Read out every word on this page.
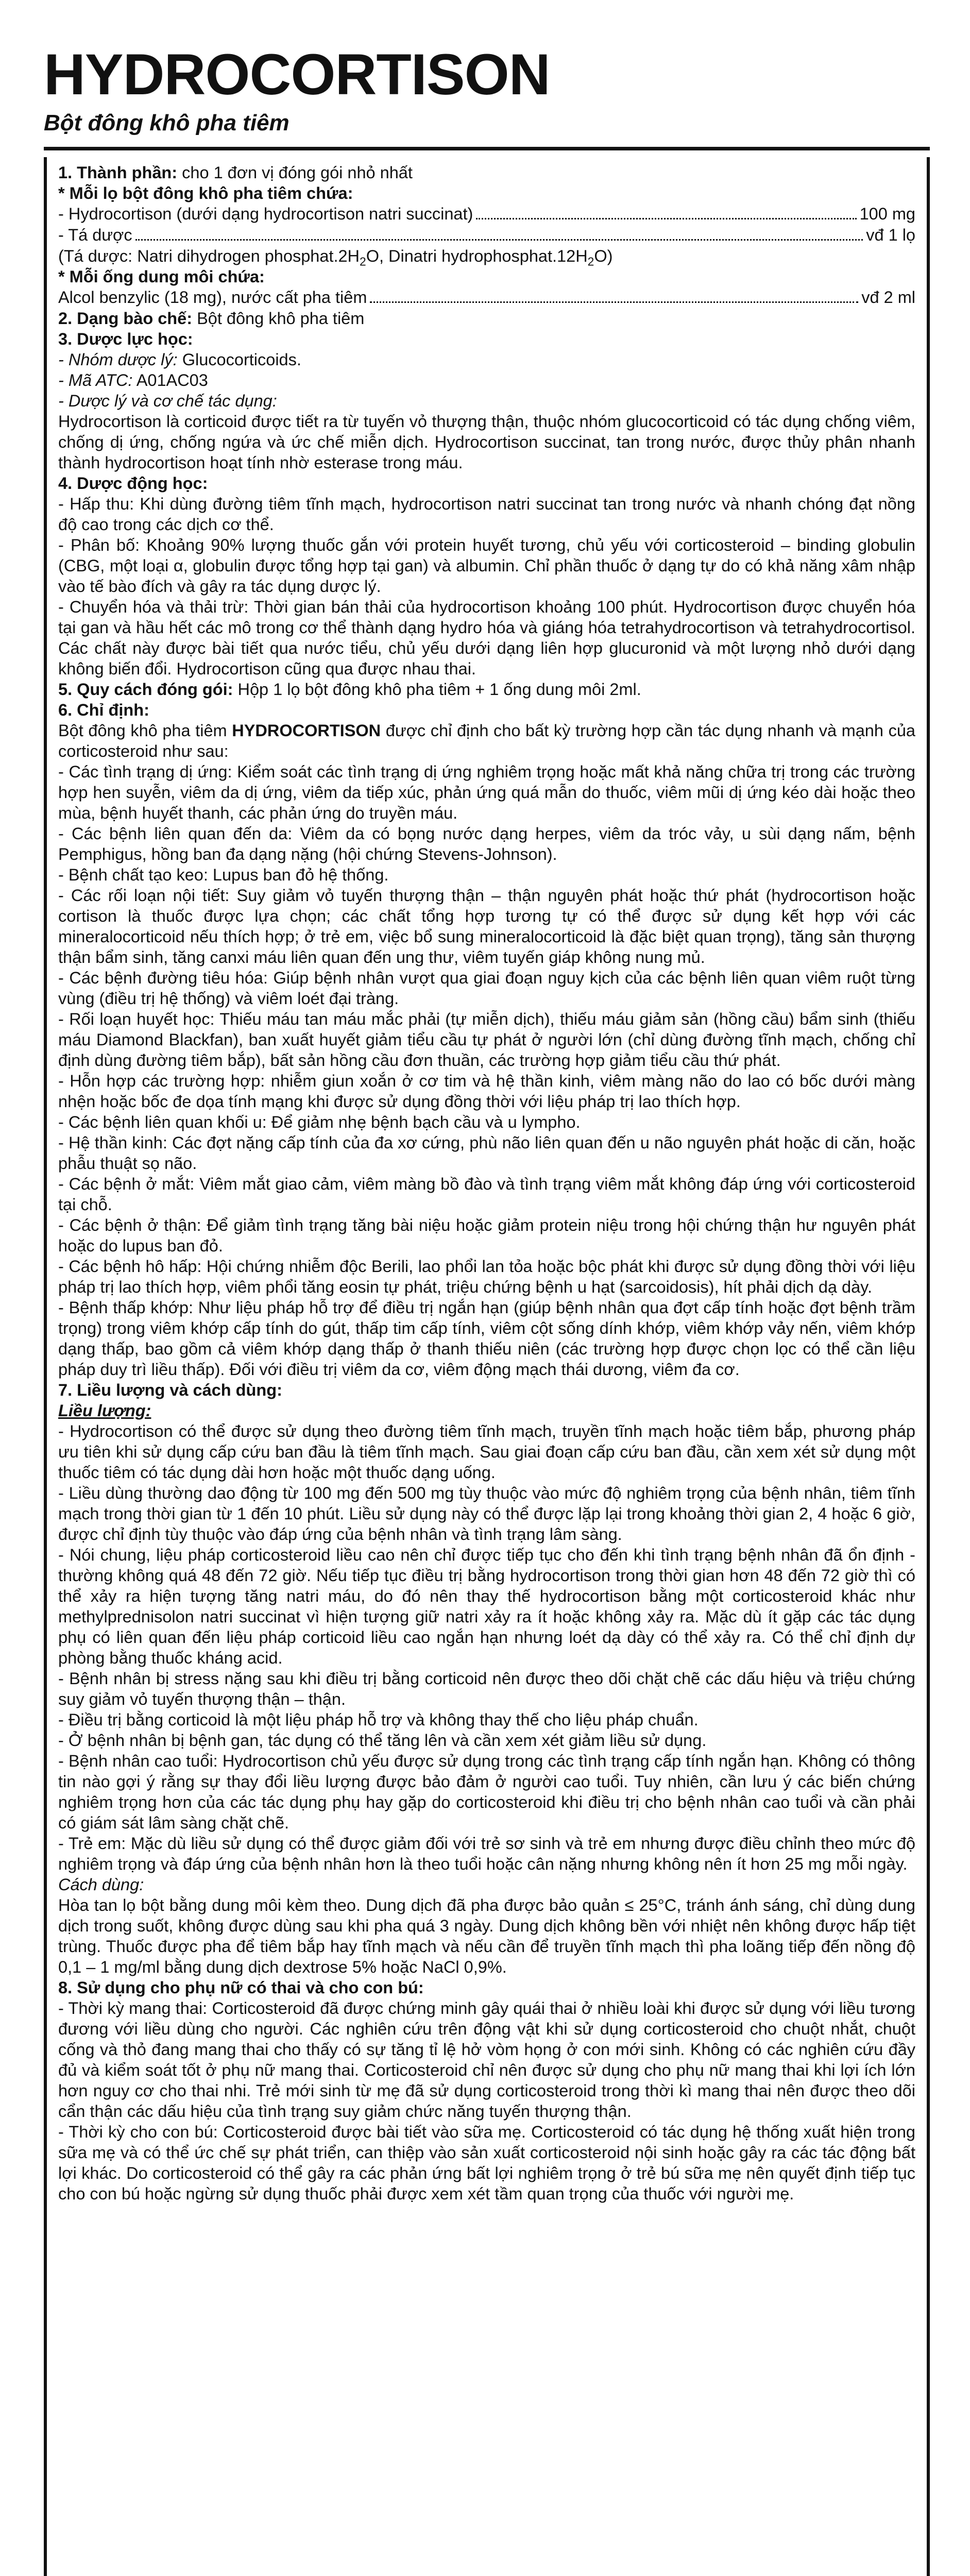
HYDROCORTISON
Bột đông khô pha tiêm

1. Thành phần: cho 1 đơn vị đóng gói nhỏ nhất

* Mỗi lọ bột đông khô pha tiêm chứa:

- Hydrocortison (dưới dạng hydrocortison natri succinat)	100 mg
- Tá dược	vđ 1 lọ

(Tá dược: Natri dihydrogen $phosphat.2H_2O$, Dinatri $hydrophosphat.12H_2O$)

* Mỗi ống dung môi chứa:

Alcol benzylic (18 mg), nước cất pha tiêm	vđ 2 ml

2. Dạng bào chế: Bột đông khô pha tiêm

3. Dược lực học:

- Nhóm dược lý: Glucocorticoids.

- Mã ATC: A01AC03

- Dược lý và cơ chế tác dụng:

Hydrocortison là corticoid được tiết ra từ tuyến vỏ thượng thận, thuộc nhóm glucocorticoid có tác dụng chống viêm, chống dị ứng, chống ngứa và ức chế miễn dịch. Hydrocortison succinat, tan trong nước, được thủy phân nhanh thành hydrocortison hoạt tính nhờ esterase trong máu.

4. Dược động học:

- Hấp thu: Khi dùng đường tiêm tĩnh mạch, hydrocortison natri succinat tan trong nước và nhanh chóng đạt nồng độ cao trong các dịch cơ thể.

- Phân bố: Khoảng 90% lượng thuốc gắn với protein huyết tương, chủ yếu với corticosteroid – binding globulin (CBG, một loại α, globulin được tổng hợp tại gan) và albumin. Chỉ phần thuốc ở dạng tự do có khả năng xâm nhập vào tế bào đích và gây ra tác dụng dược lý.

- Chuyển hóa và thải trừ: Thời gian bán thải của hydrocortison khoảng 100 phút. Hydrocortison được chuyển hóa tại gan và hầu hết các mô trong cơ thể thành dạng hydro hóa và giáng hóa tetrahydrocortison và tetrahydrocortisol. Các chất này được bài tiết qua nước tiểu, chủ yếu dưới dạng liên hợp glucuronid và một lượng nhỏ dưới dạng không biến đổi. Hydrocortison cũng qua được nhau thai.

5. Quy cách đóng gói: Hộp 1 lọ bột đông khô pha tiêm + 1 ống dung môi 2ml.

6. Chỉ định:

Bột đông khô pha tiêm HYDROCORTISON được chỉ định cho bất kỳ trường hợp cần tác dụng nhanh và mạnh của corticosteroid như sau:

- Các tình trạng dị ứng: Kiểm soát các tình trạng dị ứng nghiêm trọng hoặc mất khả năng chữa trị trong các trường hợp hen suyễn, viêm da dị ứng, viêm da tiếp xúc, phản ứng quá mẫn do thuốc, viêm mũi dị ứng kéo dài hoặc theo mùa, bệnh huyết thanh, các phản ứng do truyền máu.

- Các bệnh liên quan đến da: Viêm da có bọng nước dạng herpes, viêm da tróc vảy, u sùi dạng nấm, bệnh Pemphigus, hồng ban đa dạng nặng (hội chứng Stevens-Johnson).

- Bệnh chất tạo keo: Lupus ban đỏ hệ thống.

- Các rối loạn nội tiết: Suy giảm vỏ tuyến thượng thận – thận nguyên phát hoặc thứ phát (hydrocortison hoặc cortison là thuốc được lựa chọn; các chất tổng hợp tương tự có thể được sử dụng kết hợp với các mineralocorticoid nếu thích hợp; ở trẻ em, việc bổ sung mineralocorticoid là đặc biệt quan trọng), tăng sản thượng thận bẩm sinh, tăng canxi máu liên quan đến ung thư, viêm tuyến giáp không nung mủ.

- Các bệnh đường tiêu hóa: Giúp bệnh nhân vượt qua giai đoạn nguy kịch của các bệnh liên quan viêm ruột từng vùng (điều trị hệ thống) và viêm loét đại tràng.

- Rối loạn huyết học: Thiếu máu tan máu mắc phải (tự miễn dịch), thiếu máu giảm sản (hồng cầu) bẩm sinh (thiếu máu Diamond Blackfan), ban xuất huyết giảm tiểu cầu tự phát ở người lớn (chỉ dùng đường tĩnh mạch, chống chỉ định dùng đường tiêm bắp), bất sản hồng cầu đơn thuần, các trường hợp giảm tiểu cầu thứ phát.

- Hỗn hợp các trường hợp: nhiễm giun xoắn ở cơ tim và hệ thần kinh, viêm màng não do lao có bốc dưới màng nhện hoặc bốc đe dọa tính mạng khi được sử dụng đồng thời với liệu pháp trị lao thích hợp.

- Các bệnh liên quan khối u: Để giảm nhẹ bệnh bạch cầu và u lympho.

- Hệ thần kinh: Các đợt nặng cấp tính của đa xơ cứng, phù não liên quan đến u não nguyên phát hoặc di căn, hoặc phẫu thuật sọ não.

- Các bệnh ở mắt: Viêm mắt giao cảm, viêm màng bồ đào và tình trạng viêm mắt không đáp ứng với corticosteroid tại chỗ.

- Các bệnh ở thận: Để giảm tình trạng tăng bài niệu hoặc giảm protein niệu trong hội chứng thận hư nguyên phát hoặc do lupus ban đỏ.

- Các bệnh hô hấp: Hội chứng nhiễm độc Berili, lao phổi lan tỏa hoặc bộc phát khi được sử dụng đồng thời với liệu pháp trị lao thích hợp, viêm phổi tăng eosin tự phát, triệu chứng bệnh u hạt (sarcoidosis), hít phải dịch dạ dày.

- Bệnh thấp khớp: Như liệu pháp hỗ trợ để điều trị ngắn hạn (giúp bệnh nhân qua đợt cấp tính hoặc đợt bệnh trầm trọng) trong viêm khớp cấp tính do gút, thấp tim cấp tính, viêm cột sống dính khớp, viêm khớp vảy nến, viêm khớp dạng thấp, bao gồm cả viêm khớp dạng thấp ở thanh thiếu niên (các trường hợp được chọn lọc có thể cần liệu pháp duy trì liều thấp). Đối với điều trị viêm da cơ, viêm động mạch thái dương, viêm đa cơ.

7. Liều lượng và cách dùng:

Liều lượng:

- Hydrocortison có thể được sử dụng theo đường tiêm tĩnh mạch, truyền tĩnh mạch hoặc tiêm bắp, phương pháp ưu tiên khi sử dụng cấp cứu ban đầu là tiêm tĩnh mạch. Sau giai đoạn cấp cứu ban đầu, cần xem xét sử dụng một thuốc tiêm có tác dụng dài hơn hoặc một thuốc dạng uống.

- Liều dùng thường dao động từ 100 mg đến 500 mg tùy thuộc vào mức độ nghiêm trọng của bệnh nhân, tiêm tĩnh mạch trong thời gian từ 1 đến 10 phút. Liều sử dụng này có thể được lặp lại trong khoảng thời gian 2, 4 hoặc 6 giờ, được chỉ định tùy thuộc vào đáp ứng của bệnh nhân và tình trạng lâm sàng.

- Nói chung, liệu pháp corticosteroid liều cao nên chỉ được tiếp tục cho đến khi tình trạng bệnh nhân đã ổn định - thường không quá 48 đến 72 giờ. Nếu tiếp tục điều trị bằng hydrocortison trong thời gian hơn 48 đến 72 giờ thì có thể xảy ra hiện tượng tăng natri máu, do đó nên thay thế hydrocortison bằng một corticosteroid khác như methylprednisolon natri succinat vì hiện tượng giữ natri xảy ra ít hoặc không xảy ra. Mặc dù ít gặp các tác dụng phụ có liên quan đến liệu pháp corticoid liều cao ngắn hạn nhưng loét dạ dày có thể xảy ra. Có thể chỉ định dự phòng bằng thuốc kháng acid.

- Bệnh nhân bị stress nặng sau khi điều trị bằng corticoid nên được theo dõi chặt chẽ các dấu hiệu và triệu chứng suy giảm vỏ tuyến thượng thận – thận.

- Điều trị bằng corticoid là một liệu pháp hỗ trợ và không thay thế cho liệu pháp chuẩn.

- Ở bệnh nhân bị bệnh gan, tác dụng có thể tăng lên và cần xem xét giảm liều sử dụng.

- Bệnh nhân cao tuổi: Hydrocortison chủ yếu được sử dụng trong các tình trạng cấp tính ngắn hạn. Không có thông tin nào gợi ý rằng sự thay đổi liều lượng được bảo đảm ở người cao tuổi. Tuy nhiên, cần lưu ý các biến chứng nghiêm trọng hơn của các tác dụng phụ hay gặp do corticosteroid khi điều trị cho bệnh nhân cao tuổi và cần phải có giám sát lâm sàng chặt chẽ.

- Trẻ em: Mặc dù liều sử dụng có thể được giảm đối với trẻ sơ sinh và trẻ em nhưng được điều chỉnh theo mức độ nghiêm trọng và đáp ứng của bệnh nhân hơn là theo tuổi hoặc cân nặng nhưng không nên ít hơn 25 mg mỗi ngày.

Cách dùng:

Hòa tan lọ bột bằng dung môi kèm theo. Dung dịch đã pha được bảo quản ≤ 25°C, tránh ánh sáng, chỉ dùng dung dịch trong suốt, không được dùng sau khi pha quá 3 ngày. Dung dịch không bền với nhiệt nên không được hấp tiệt trùng. Thuốc được pha để tiêm bắp hay tĩnh mạch và nếu cần để truyền tĩnh mạch thì pha loãng tiếp đến nồng độ 0,1 – 1 mg/ml bằng dung dịch dextrose 5% hoặc NaCl 0,9%.

8. Sử dụng cho phụ nữ có thai và cho con bú:

- Thời kỳ mang thai: Corticosteroid đã được chứng minh gây quái thai ở nhiều loài khi được sử dụng với liều tương đương với liều dùng cho người. Các nghiên cứu trên động vật khi sử dụng corticosteroid cho chuột nhắt, chuột cống và thỏ đang mang thai cho thấy có sự tăng tỉ lệ hở vòm họng ở con mới sinh. Không có các nghiên cứu đầy đủ và kiểm soát tốt ở phụ nữ mang thai. Corticosteroid chỉ nên được sử dụng cho phụ nữ mang thai khi lợi ích lớn hơn nguy cơ cho thai nhi. Trẻ mới sinh từ mẹ đã sử dụng corticosteroid trong thời kì mang thai nên được theo dõi cẩn thận các dấu hiệu của tình trạng suy giảm chức năng tuyến thượng thận.

- Thời kỳ cho con bú: Corticosteroid được bài tiết vào sữa mẹ. Corticosteroid có tác dụng hệ thống xuất hiện trong sữa mẹ và có thể ức chế sự phát triển, can thiệp vào sản xuất corticosteroid nội sinh hoặc gây ra các tác động bất lợi khác. Do corticosteroid có thể gây ra các phản ứng bất lợi nghiêm trọng ở trẻ bú sữa mẹ nên quyết định tiếp tục cho con bú hoặc ngừng sử dụng thuốc phải được xem xét tầm quan trọng của thuốc với người mẹ.
